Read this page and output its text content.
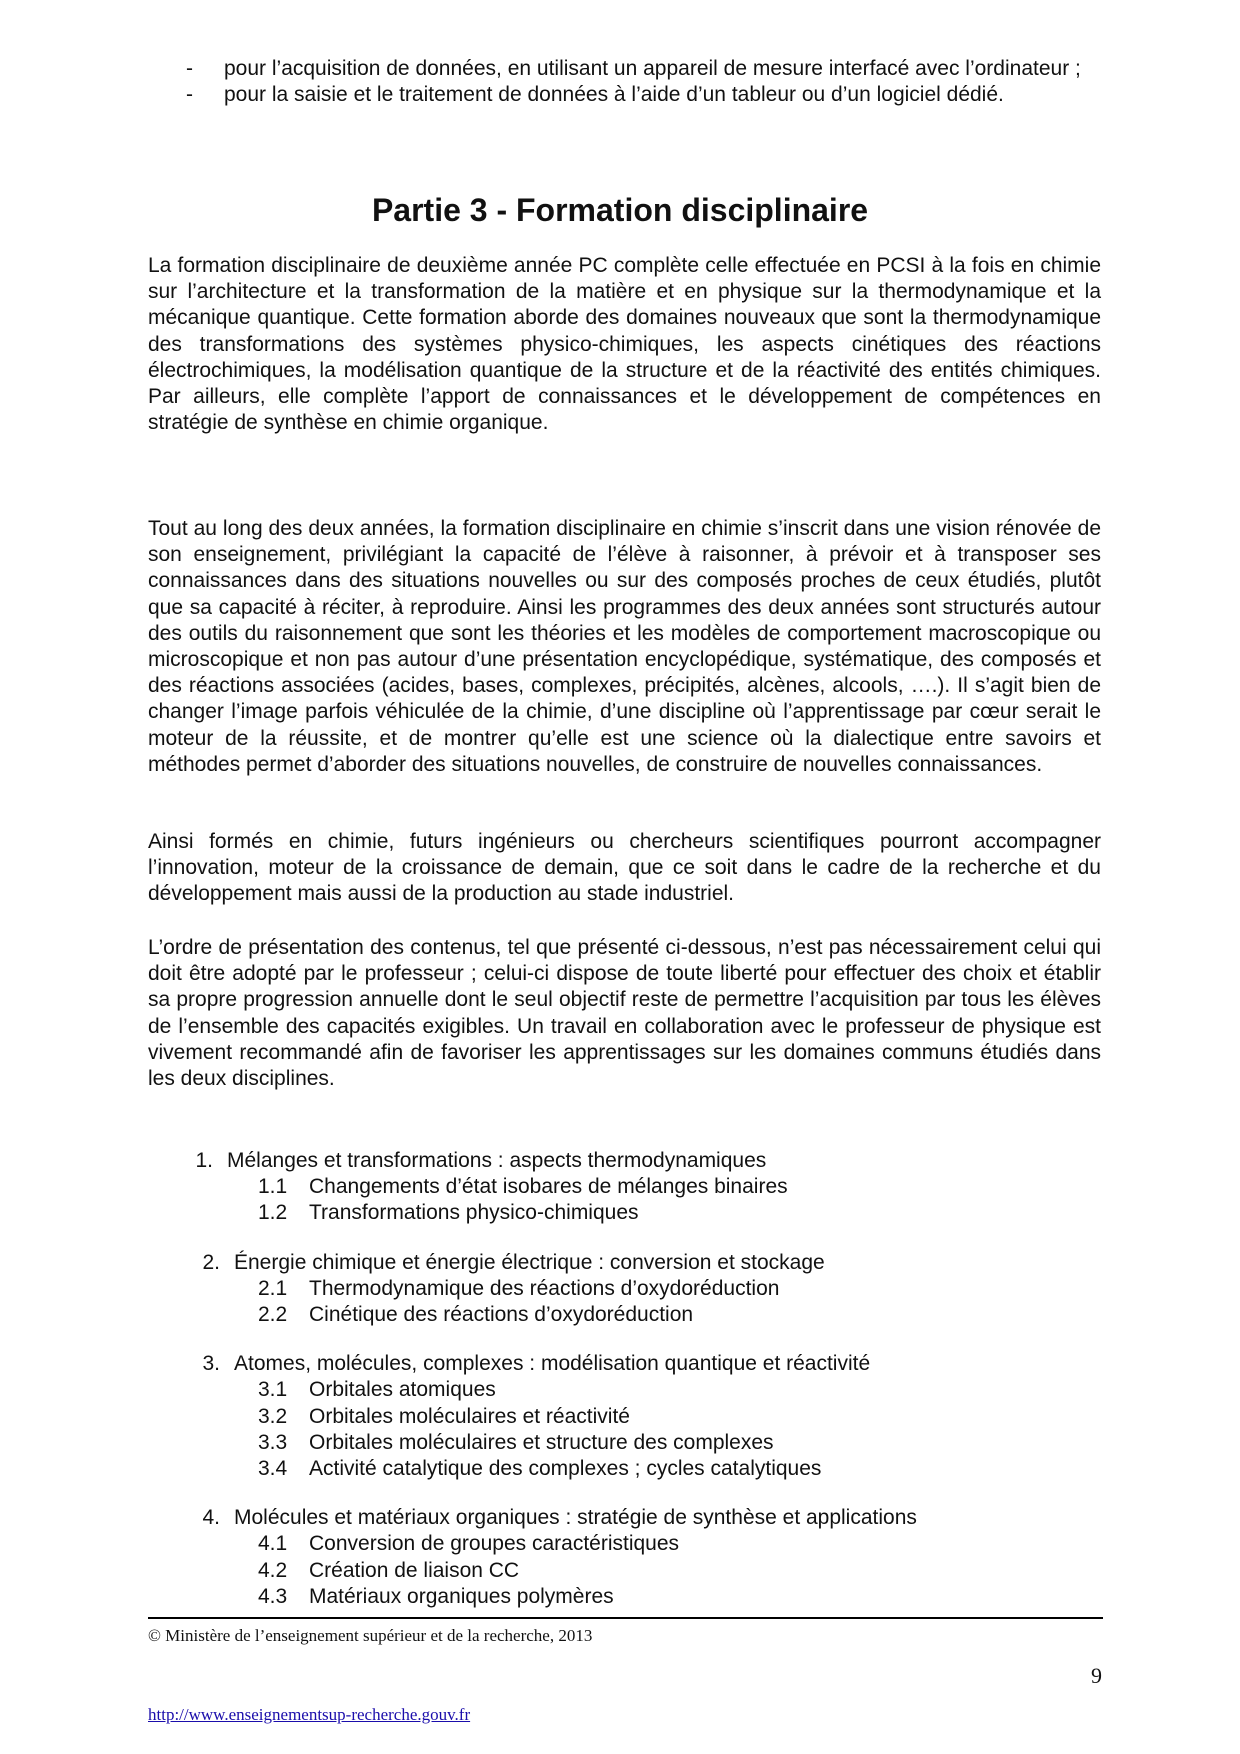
-	pour l’acquisition de données, en utilisant un appareil de mesure interfacé avec l’ordinateur ;
-	pour la saisie et le traitement de données à l’aide d’un tableur ou d’un logiciel dédié.
Partie 3 - Formation disciplinaire

La formation disciplinaire de deuxième année PC complète celle effectuée en PCSI à la fois en chimie sur l’architecture et la transformation de la matière et en physique sur la thermodynamique et la mécanique quantique. Cette formation aborde des domaines nouveaux que sont la thermodynamique des transformations des systèmes physico-chimiques, les aspects cinétiques des réactions électrochimiques, la modélisation quantique de la structure et de la réactivité des entités chimiques. Par ailleurs, elle complète l’apport de connaissances et le développement de compétences en stratégie de synthèse en chimie organique.

Tout au long des deux années, la formation disciplinaire en chimie s’inscrit dans une vision rénovée de son enseignement, privilégiant la capacité de l’élève à raisonner, à prévoir et à transposer ses connaissances dans des situations nouvelles ou sur des composés proches de ceux étudiés, plutôt que sa capacité à réciter, à reproduire. Ainsi les programmes des deux années sont structurés autour des outils du raisonnement que sont les théories et les modèles de comportement macroscopique ou microscopique et non pas autour d’une présentation encyclopédique, systématique, des composés et des réactions associées (acides, bases, complexes, précipités, alcènes, alcools, ….). Il s’agit bien de changer l’image parfois véhiculée de la chimie, d’une discipline où l’apprentissage par cœur serait le moteur de la réussite, et de montrer qu’elle est une science où la dialectique entre savoirs et méthodes permet d’aborder des situations nouvelles, de construire de nouvelles connaissances.

Ainsi formés en chimie, futurs ingénieurs ou chercheurs scientifiques pourront accompagner l’innovation, moteur de la croissance de demain, que ce soit dans le cadre de la recherche et du développement mais aussi de la production au stade industriel.

L’ordre de présentation des contenus, tel que présenté ci-dessous, n’est pas nécessairement celui qui doit être adopté par le professeur ; celui-ci dispose de toute liberté pour effectuer des choix et établir sa propre progression annuelle dont le seul objectif reste de permettre l’acquisition par tous les élèves de l’ensemble des capacités exigibles. Un travail en collaboration avec le professeur de physique est vivement recommandé afin de favoriser les apprentissages sur les domaines communs étudiés dans les deux disciplines.

1. Mélanges et transformations : aspects thermodynamiques
1.1	Changements d’état isobares de mélanges binaires
1.2	Transformations physico-chimiques
2. Énergie chimique et énergie électrique : conversion et stockage
2.1	Thermodynamique des réactions d’oxydoréduction
2.2	Cinétique des réactions d’oxydoréduction
3. Atomes, molécules, complexes : modélisation quantique et réactivité
3.1	Orbitales atomiques
3.2	Orbitales moléculaires et réactivité
3.3	Orbitales moléculaires et structure des complexes
3.4	Activité catalytique des complexes ; cycles catalytiques
4. Molécules et matériaux organiques : stratégie de synthèse et applications
4.1	Conversion de groupes caractéristiques
4.2	Création de liaison CC
4.3	Matériaux organiques polymères
© Ministère de l’enseignement supérieur et de la recherche, 2013
9
http://www.enseignementsup-recherche.gouv.fr
